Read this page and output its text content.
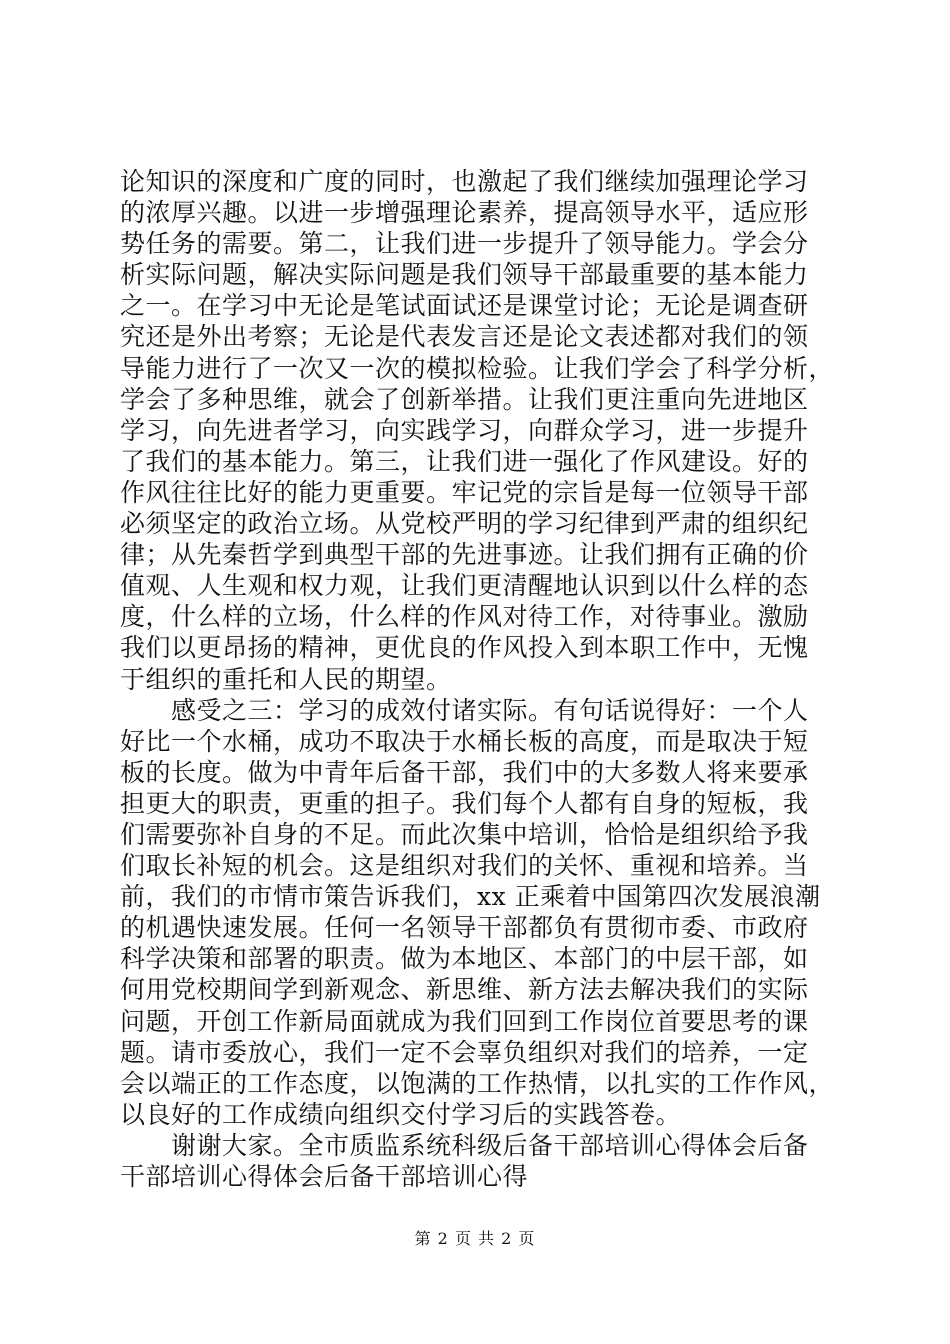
论知识的深度和广度的同时，也激起了我们继续加强理论学习
的浓厚兴趣。以进一步增强理论素养，提高领导水平，适应形
势任务的需要。第二，让我们进一步提升了领导能力。学会分
析实际问题，解决实际问题是我们领导干部最重要的基本能力
之一。在学习中无论是笔试面试还是课堂讨论；无论是调查研
究还是外出考察；无论是代表发言还是论文表述都对我们的领
导能力进行了一次又一次的模拟检验。让我们学会了科学分析，
学会了多种思维，就会了创新举措。让我们更注重向先进地区
学习，向先进者学习，向实践学习，向群众学习，进一步提升
了我们的基本能力。第三，让我们进一强化了作风建设。好的
作风往往比好的能力更重要。牢记党的宗旨是每一位领导干部
必须坚定的政治立场。从党校严明的学习纪律到严肃的组织纪
律；从先秦哲学到典型干部的先进事迹。让我们拥有正确的价
值观、人生观和权力观，让我们更清醒地认识到以什么样的态
度，什么样的立场，什么样的作风对待工作，对待事业。激励
我们以更昂扬的精神，更优良的作风投入到本职工作中，无愧
于组织的重托和人民的期望。
　　感受之三：学习的成效付诸实际。有句话说得好：一个人
好比一个水桶，成功不取决于水桶长板的高度，而是取决于短
板的长度。做为中青年后备干部，我们中的大多数人将来要承
担更大的职责，更重的担子。我们每个人都有自身的短板，我
们需要弥补自身的不足。而此次集中培训，恰恰是组织给予我
们取长补短的机会。这是组织对我们的关怀、重视和培养。当
前，我们的市情市策告诉我们，xx 正乘着中国第四次发展浪潮
的机遇快速发展。任何一名领导干部都负有贯彻市委、市政府
科学决策和部署的职责。做为本地区、本部门的中层干部，如
何用党校期间学到新观念、新思维、新方法去解决我们的实际
问题，开创工作新局面就成为我们回到工作岗位首要思考的课
题。请市委放心，我们一定不会辜负组织对我们的培养，一定
会以端正的工作态度，以饱满的工作热情，以扎实的工作作风，
以良好的工作成绩向组织交付学习后的实践答卷。
　　谢谢大家。全市质监系统科级后备干部培训心得体会后备
干部培训心得体会后备干部培训心得
第 2 页 共 2 页
